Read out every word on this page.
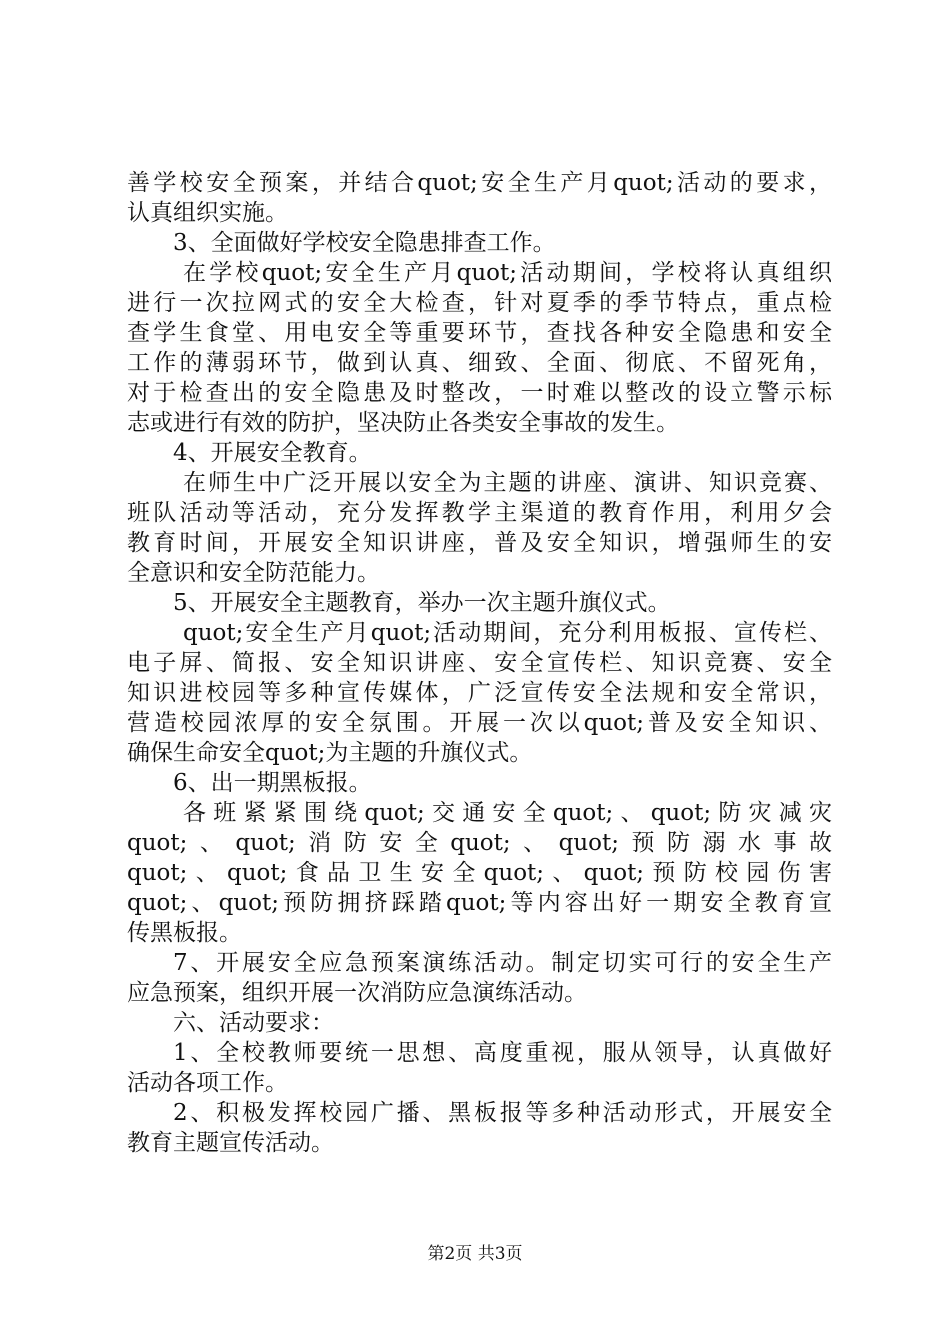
善学校安全预案，并结合quot;安全生产月quot;活动的要求，
认真组织实施。
3、全面做好学校安全隐患排查工作。
在学校quot;安全生产月quot;活动期间，学校将认真组织
进行一次拉网式的安全大检查，针对夏季的季节特点，重点检
查学生食堂、用电安全等重要环节，查找各种安全隐患和安全
工作的薄弱环节，做到认真、细致、全面、彻底、不留死角，
对于检查出的安全隐患及时整改，一时难以整改的设立警示标
志或进行有效的防护，坚决防止各类安全事故的发生。
4、开展安全教育。
在师生中广泛开展以安全为主题的讲座、演讲、知识竞赛、
班队活动等活动，充分发挥教学主渠道的教育作用，利用夕会
教育时间，开展安全知识讲座，普及安全知识，增强师生的安
全意识和安全防范能力。
5、开展安全主题教育，举办一次主题升旗仪式。
quot;安全生产月quot;活动期间，充分利用板报、宣传栏、
电子屏、简报、安全知识讲座、安全宣传栏、知识竞赛、安全
知识进校园等多种宣传媒体，广泛宣传安全法规和安全常识，
营造校园浓厚的安全氛围。开展一次以quot;普及安全知识、
确保生命安全quot;为主题的升旗仪式。
6、出一期黑板报。
各班紧紧围绕quot;交通安全quot;、quot;防灾减灾
quot;、quot;消防安全quot;、quot;预防溺水事故
quot;、quot;食品卫生安全quot;、quot;预防校园伤害
quot;、quot;预防拥挤踩踏quot;等内容出好一期安全教育宣
传黑板报。
7、开展安全应急预案演练活动。制定切实可行的安全生产
应急预案，组织开展一次消防应急演练活动。
六、活动要求：
1、全校教师要统一思想、高度重视，服从领导，认真做好
活动各项工作。
2、积极发挥校园广播、黑板报等多种活动形式，开展安全
教育主题宣传活动。
第2页 共3页
